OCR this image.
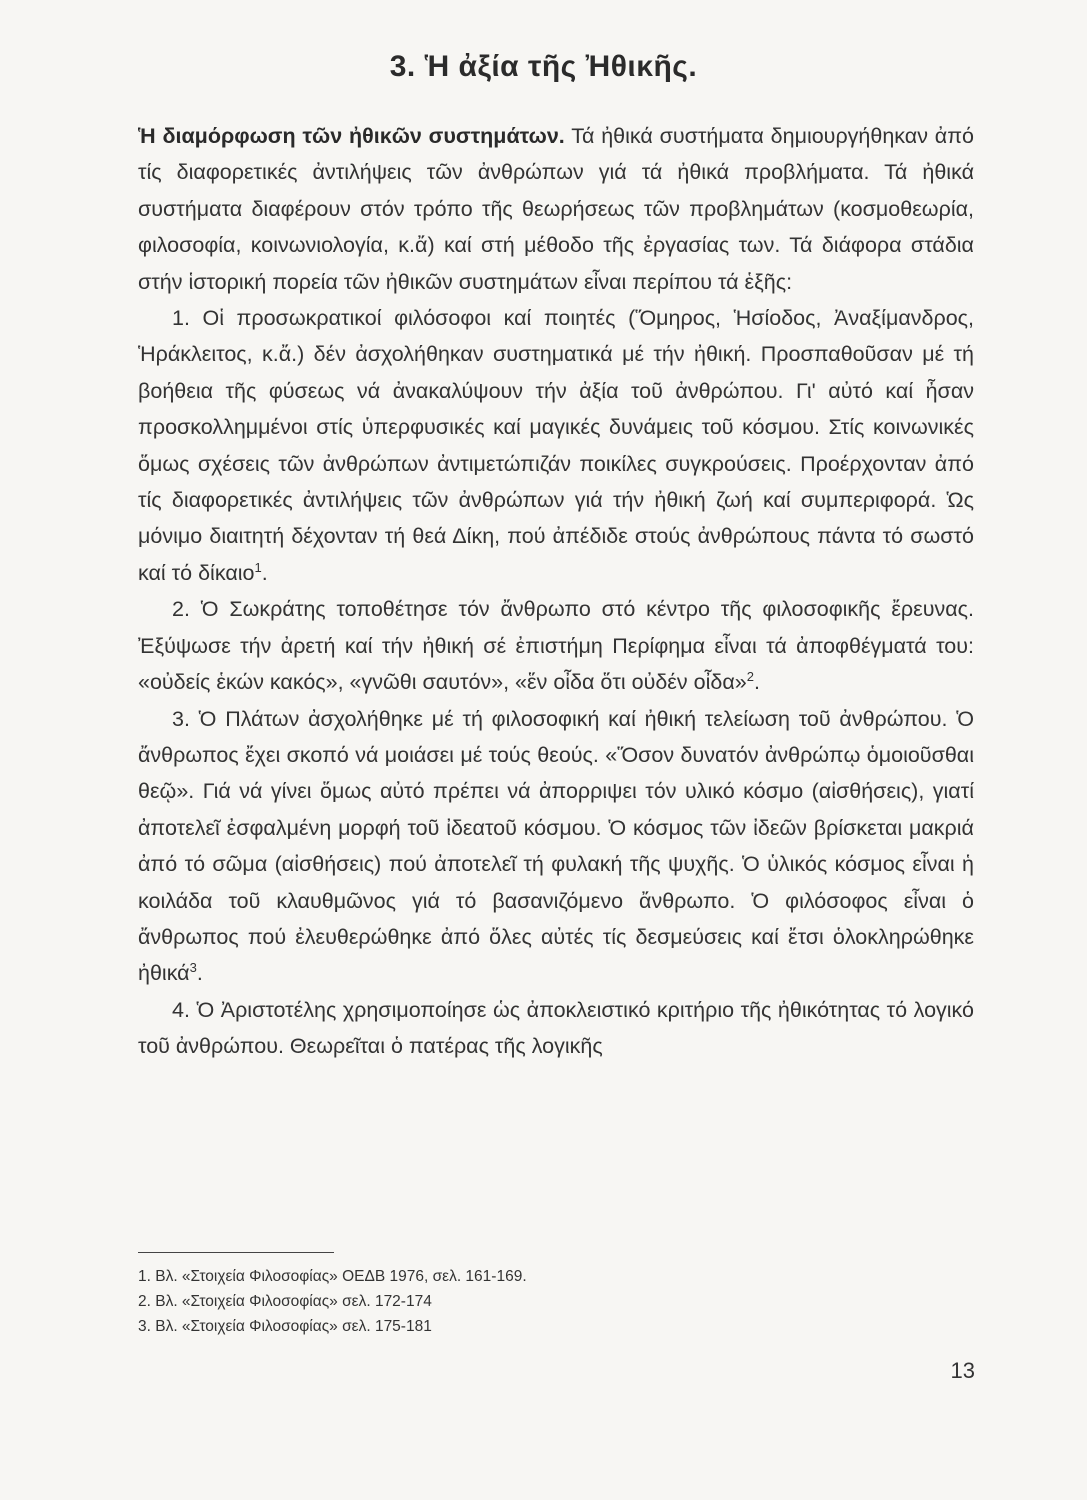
3. Ἡ ἀξία τῆς Ἠθικῆς.

Ἡ διαμόρφωση τῶν ἠθικῶν συστημάτων. Τά ἠθικά συστήματα δημιουργήθηκαν ἀπό τίς διαφορετικές ἀντιλήψεις τῶν ἀνθρώπων γιά τά ἠθικά προβλήματα. Τά ἠθικά συστήματα διαφέρουν στόν τρόπο τῆς θεωρήσεως τῶν προβλημάτων (κοσμοθεωρία, φιλοσοφία, κοινωνιολογία, κ.ἄ) καί στή μέθοδο τῆς ἐργασίας των. Τά διάφορα στάδια στήν ἱστορική πορεία τῶν ἠθικῶν συστημάτων εἶναι περίπου τά ἑξῆς:

1. Οἱ προσωκρατικοί φιλόσοφοι καί ποιητές (Ὅμηρος, Ἡσίοδος, Ἀναξίμανδρος, Ἡράκλειτος, κ.ἄ.) δέν ἀσχολήθηκαν συστηματικά μέ τήν ἠθική. Προσπαθοῦσαν μέ τή βοήθεια τῆς φύσεως νά ἀνακαλύψουν τήν ἀξία τοῦ ἀνθρώπου. Γι' αὐτό καί ἦσαν προσκολλημμένοι στίς ὑπερφυσικές καί μαγικές δυνάμεις τοῦ κόσμου. Στίς κοινωνικές ὅμως σχέσεις τῶν ἀνθρώπων ἀντιμετώπιζάν ποικίλες συγκρούσεις. Προέρχονταν ἀπό τίς διαφορετικές ἀντιλήψεις τῶν ἀνθρώπων γιά τήν ἠθική ζωή καί συμπεριφορά. Ὡς μόνιμο διαιτητή δέχονταν τή θεά Δίκη, πού ἀπέδιδε στούς ἀνθρώπους πάντα τό σωστό καί τό δίκαιο$^1$.

2. Ὁ Σωκράτης τοποθέτησε τόν ἄνθρωπο στό κέντρο τῆς φιλοσοφικῆς ἔρευνας. Ἐξύψωσε τήν ἀρετή καί τήν ἠθική σέ ἐπιστήμη Περίφημα εἶναι τά ἀποφθέγματά του: «οὐδείς ἑκών κακός», «γνῶθι σαυτόν», «ἕν οἶδα ὅτι οὐδέν οἶδα»$^2$.

3. Ὁ Πλάτων ἀσχολήθηκε μέ τή φιλοσοφική καί ἠθική τελείωση τοῦ ἀνθρώπου. Ὁ ἄνθρωπος ἔχει σκοπό νά μοιάσει μέ τούς θεούς. «Ὅσον δυνατόν ἀνθρώπῳ ὁμοιοῦσθαι θεῷ». Γιά νά γίνει ὅμως αὐτό πρέπει νά ἀπορριψει τόν υλικό κόσμο (αἰσθήσεις), γιατί ἀποτελεῖ ἐσφαλμένη μορφή τοῦ ἰδεατοῦ κόσμου. Ὁ κόσμος τῶν ἰδεῶν βρίσκεται μακριά ἀπό τό σῶμα (αἰσθήσεις) πού ἀποτελεῖ τή φυλακή τῆς ψυχῆς. Ὁ ὑλικός κόσμος εἶναι ἡ κοιλάδα τοῦ κλαυθμῶνος γιά τό βασανιζόμενο ἄνθρωπο. Ὁ φιλόσοφος εἶναι ὁ ἄνθρωπος πού ἐλευθερώθηκε ἀπό ὅλες αὐτές τίς δεσμεύσεις καί ἔτσι ὁλοκληρώθηκε ἠθικά$^3$.

4. Ὁ Ἀριστοτέλης χρησιμοποίησε ὡς ἀποκλειστικό κριτήριο τῆς ἠθικότητας τό λογικό τοῦ ἀνθρώπου. Θεωρεῖται ὁ πατέρας τῆς λογικῆς

1. Βλ. «Στοιχεία Φιλοσοφίας» ΟΕΔΒ 1976, σελ. 161-169.
2. Βλ. «Στοιχεία Φιλοσοφίας» σελ. 172-174
3. Βλ. «Στοιχεία Φιλοσοφίας» σελ. 175-181
13
